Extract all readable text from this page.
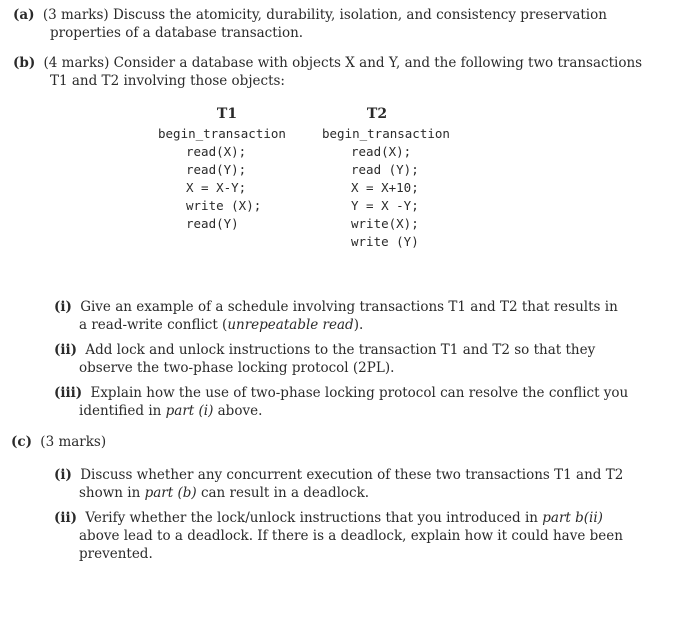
(a) (3 marks) Discuss the atomicity, durability, isolation, and consistency preservation
properties of a database transaction.
(b) (4 marks) Consider a database with objects X and Y, and the following two transactions
T1 and T2 involving those objects:
T1
begin_transaction
read(X);
read(Y);
X = X-Y;
write (X);
read(Y)
T2
begin_transaction
read(X);
read (Y);
X = X+10;
Y = X -Y;
write(X);
write (Y)
(i) Give an example of a schedule involving transactions T1 and T2 that results in
a read-write conflict (unrepeatable read).
(ii) Add lock and unlock instructions to the transaction T1 and T2 so that they
observe the two-phase locking protocol (2PL).
(iii) Explain how the use of two-phase locking protocol can resolve the conflict you
identified in part (i) above.
(c) (3 marks)
(i) Discuss whether any concurrent execution of these two transactions T1 and T2
shown in part (b) can result in a deadlock.
(ii) Verify whether the lock/unlock instructions that you introduced in part b(ii)
above lead to a deadlock. If there is a deadlock, explain how it could have been
prevented.
